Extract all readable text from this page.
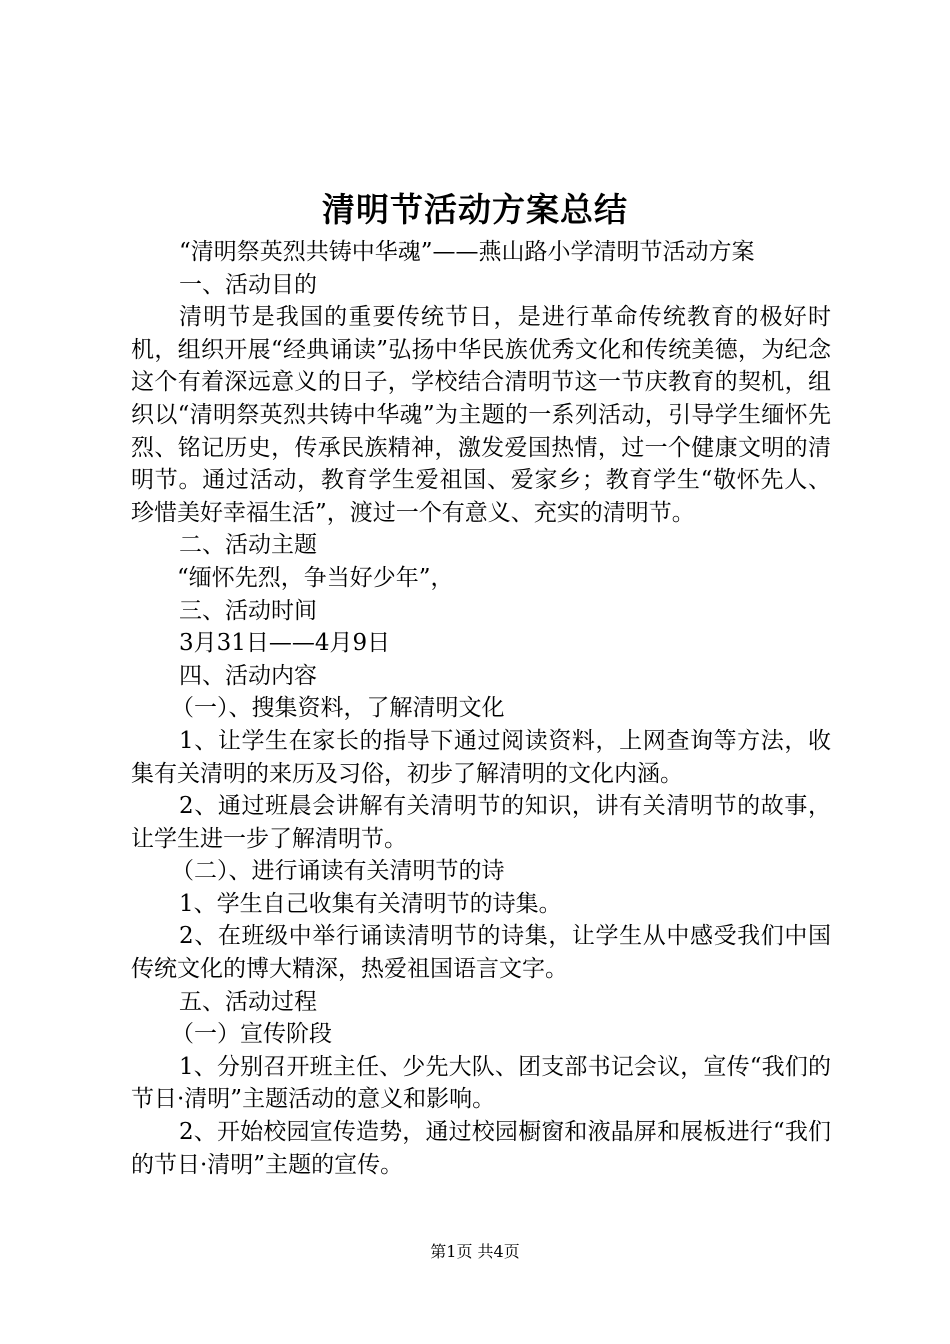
清明节活动方案总结

“清明祭英烈共铸中华魂”——燕山路小学清明节活动方案

一、活动目的

清明节是我国的重要传统节日，是进行革命传统教育的极好时机，组织开展“经典诵读”弘扬中华民族优秀文化和传统美德，为纪念这个有着深远意义的日子，学校结合清明节这一节庆教育的契机，组织以“清明祭英烈共铸中华魂”为主题的一系列活动，引导学生缅怀先烈、铭记历史，传承民族精神，激发爱国热情，过一个健康文明的清明节。通过活动，教育学生爱祖国、爱家乡；教育学生“敬怀先人、珍惜美好幸福生活”，渡过一个有意义、充实的清明节。

二、活动主题

“缅怀先烈，争当好少年”，

三、活动时间

3月31日——4月9日

四、活动内容

（一）、搜集资料，了解清明文化

1、让学生在家长的指导下通过阅读资料，上网查询等方法，收集有关清明的来历及习俗，初步了解清明的文化内涵。

2、通过班晨会讲解有关清明节的知识，讲有关清明节的故事，让学生进一步了解清明节。

（二）、进行诵读有关清明节的诗

1、学生自己收集有关清明节的诗集。

2、在班级中举行诵读清明节的诗集，让学生从中感受我们中国传统文化的博大精深，热爱祖国语言文字。

五、活动过程

（一）宣传阶段

1、分别召开班主任、少先大队、团支部书记会议，宣传“我们的节日·清明”主题活动的意义和影响。

2、开始校园宣传造势，通过校园橱窗和液晶屏和展板进行“我们的节日·清明”主题的宣传。

第1页 共4页
